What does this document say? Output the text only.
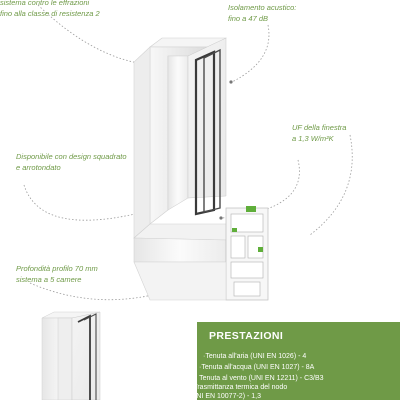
sistema contro le effrazioni
fino alla classe di resistenza 2

Isolamento acustico:
fino a 47 dB

Disponibile con design squadrato
e arrotondato

UF della finestra
a 1,3 W/m²K

Profondità profilo 70 mm
sistema a 5 camere

PRESTAZIONI
·Tenuta all'aria (UNI EN 1026) - 4
·Tenuta all'acqua (UNI EN 1027) - 8A
· Tenuta al vento (UNI EN 12211) - C3/B3
·Trasmittanza termica del nodo
(UNI EN 10077-2) - 1,3
